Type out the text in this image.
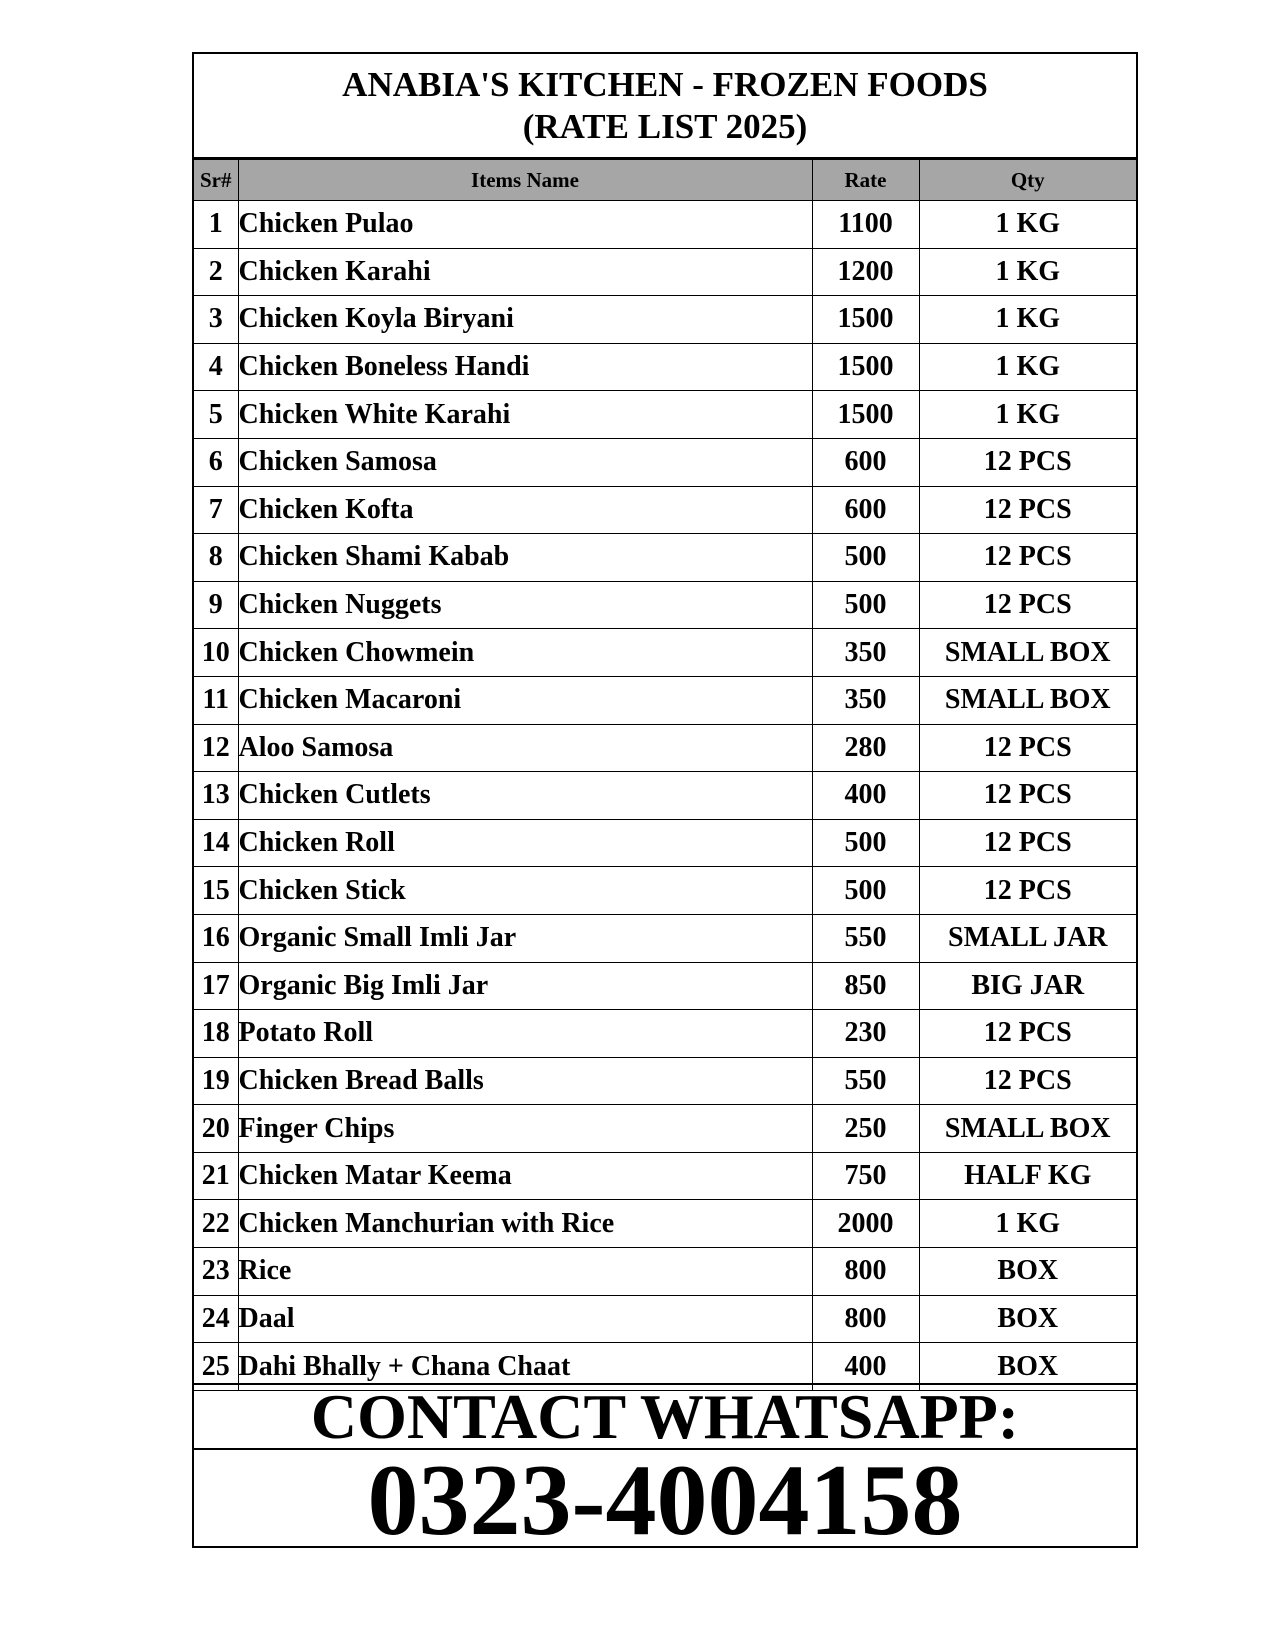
ANABIA'S KITCHEN - FROZEN FOODS
(RATE LIST 2025)
Sr#	Items Name	Rate	Qty
1	Chicken Pulao	1100	1 KG
2	Chicken Karahi	1200	1 KG
3	Chicken Koyla Biryani	1500	1 KG
4	Chicken Boneless Handi	1500	1 KG
5	Chicken White Karahi	1500	1 KG
6	Chicken Samosa	600	12 PCS
7	Chicken Kofta	600	12 PCS
8	Chicken Shami Kabab	500	12 PCS
9	Chicken Nuggets	500	12 PCS
10	Chicken Chowmein	350	SMALL BOX
11	Chicken Macaroni	350	SMALL BOX
12	Aloo Samosa	280	12 PCS
13	Chicken Cutlets	400	12 PCS
14	Chicken Roll	500	12 PCS
15	Chicken Stick	500	12 PCS
16	Organic Small Imli Jar	550	SMALL JAR
17	Organic Big Imli Jar	850	BIG JAR
18	Potato Roll	230	12 PCS
19	Chicken Bread Balls	550	12 PCS
20	Finger Chips	250	SMALL BOX
21	Chicken Matar Keema	750	HALF KG
22	Chicken Manchurian with Rice	2000	1 KG
23	Rice	800	BOX
24	Daal	800	BOX
25	Dahi Bhally + Chana Chaat	400	BOX
CONTACT WHATSAPP:
0323-4004158
